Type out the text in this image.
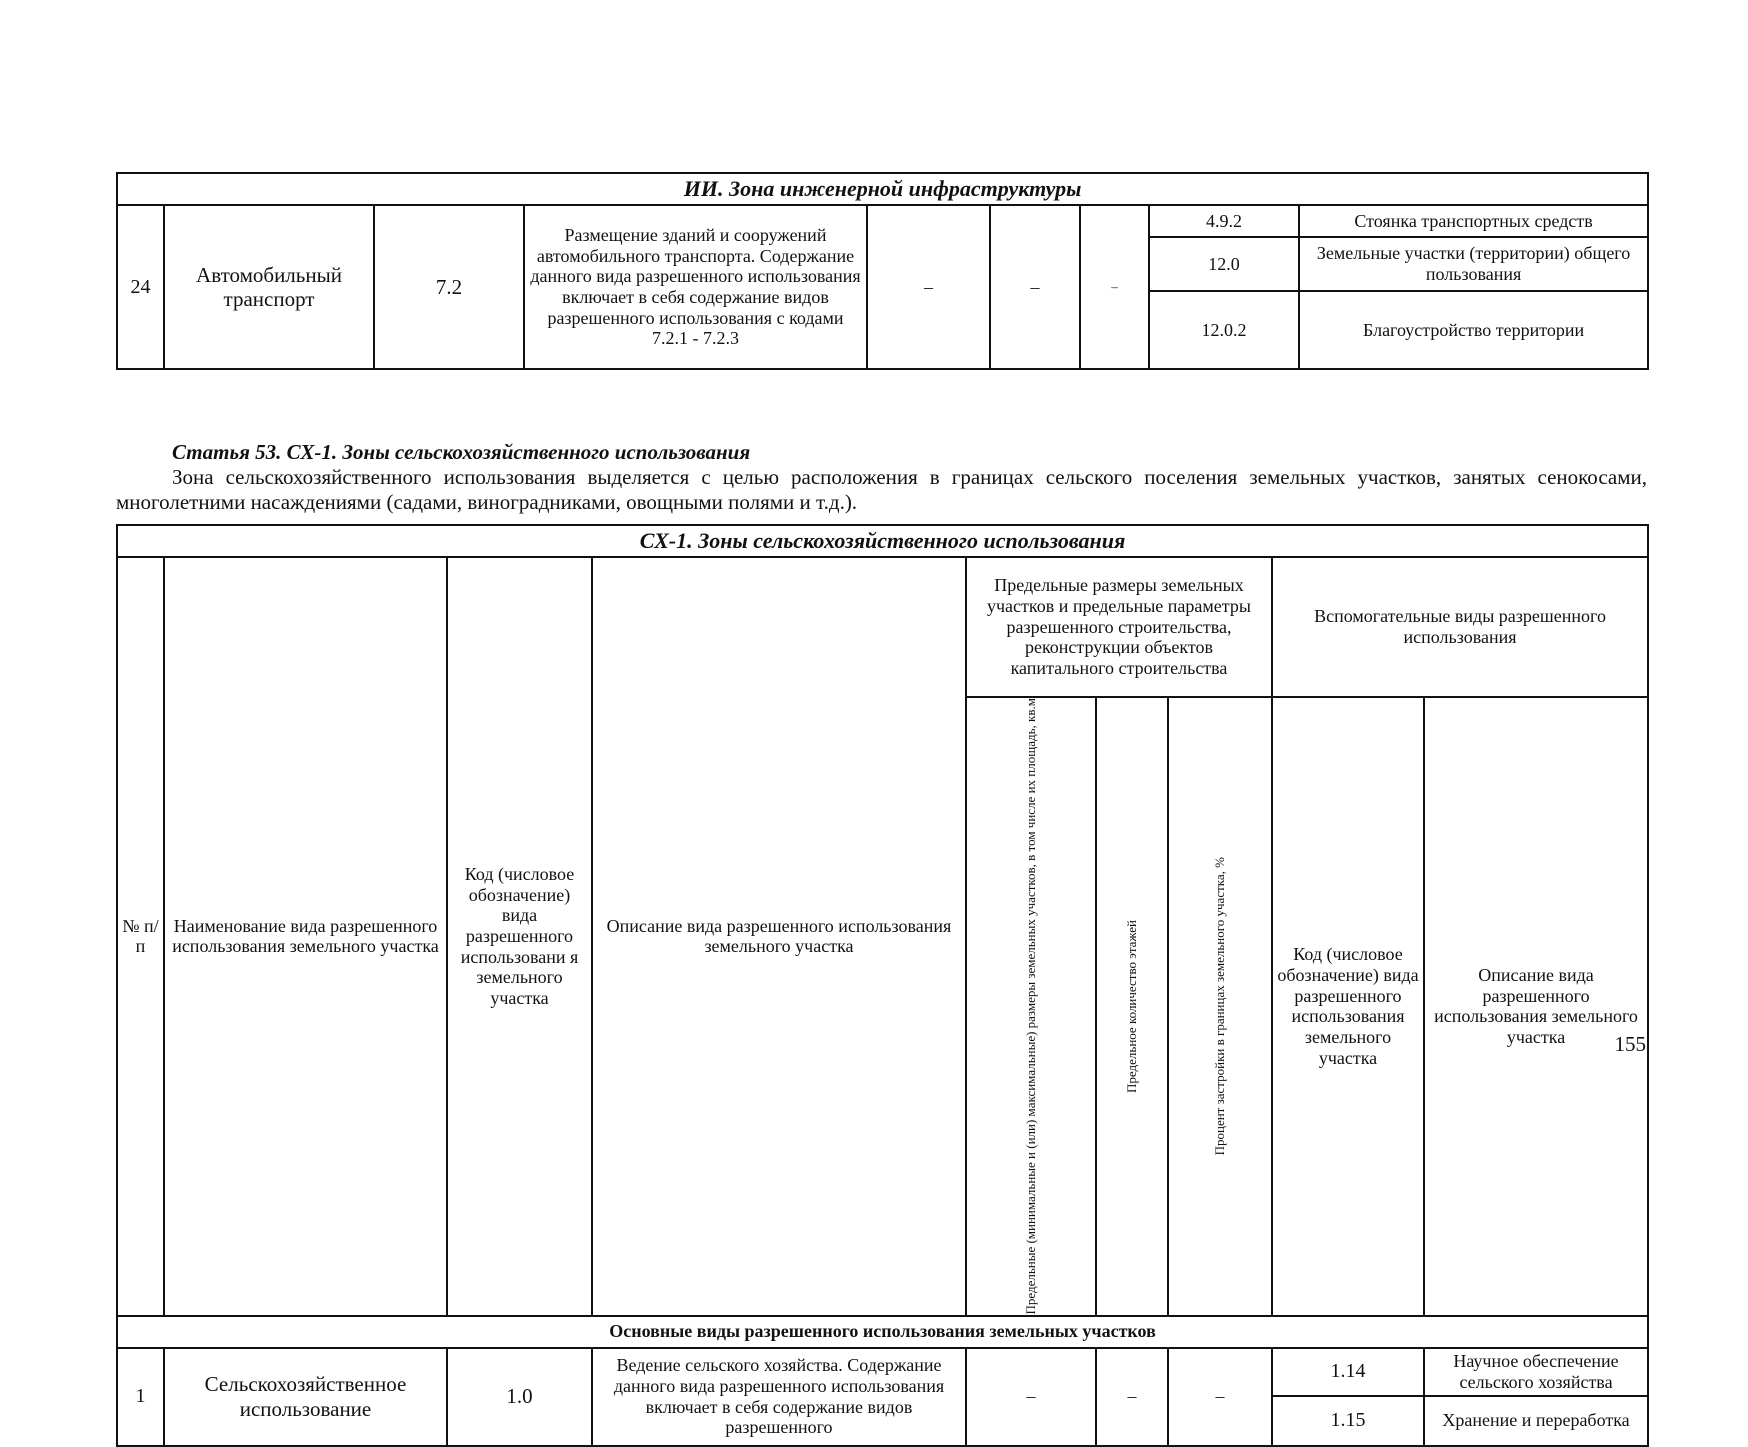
ИИ. Зона инженерной инфраструктуры								
24	Автомобильный транспорт	7.2	Размещение зданий и сооружений автомобильного транспорта. Содержание данного вида разрешенного использования включает в себя содержание видов разрешенного использования с кодами 7.2.1 - 7.2.3	–	–	–	4.9.2	Стоянка транспортных средств
							12.0	Земельные участки (территории) общего пользования
							12.0.2	Благоустройство территории
Статья 53. СХ-1. Зоны сельскохозяйственного использования
Зона сельскохозяйственного использования выделяется с целью расположения в границах сельского поселения земельных участков, занятых сенокосами, многолетними насаждениями (садами, виноградниками, овощными полями и т.д.).
СХ-1. Зоны сельскохозяйственного использования								
№ п/п	Наименование вида разрешенного использования земельного участка	Код (числовое обозначение) вида разрешенного использовани я земельного участка	Описание вида разрешенного использования земельного участка	Предельные размеры земельных участков и предельные параметры разрешенного строительства, реконструкции объектов капитального строительства			Вспомогательные виды разрешенного использования	

				Предельные (минимальные и (или) максимальные) размеры земельных участков, в том числе их площадь, кв.м	Предельное количество этажей	Процент застройки в границах земельного участка, %	Код (числовое обозначение) вида разрешенного использования земельного участка	Описание вида разрешенного использования земельного участка
Основные виды разрешенного использования земельных участков								
1	Сельскохозяйственное использование	1.0	Ведение сельского хозяйства. Содержание данного вида разрешенного использования включает в себя содержание видов разрешенного	–	–	–	1.14	Научное обеспечение сельского хозяйства
							1.15	Хранение и переработка
155
